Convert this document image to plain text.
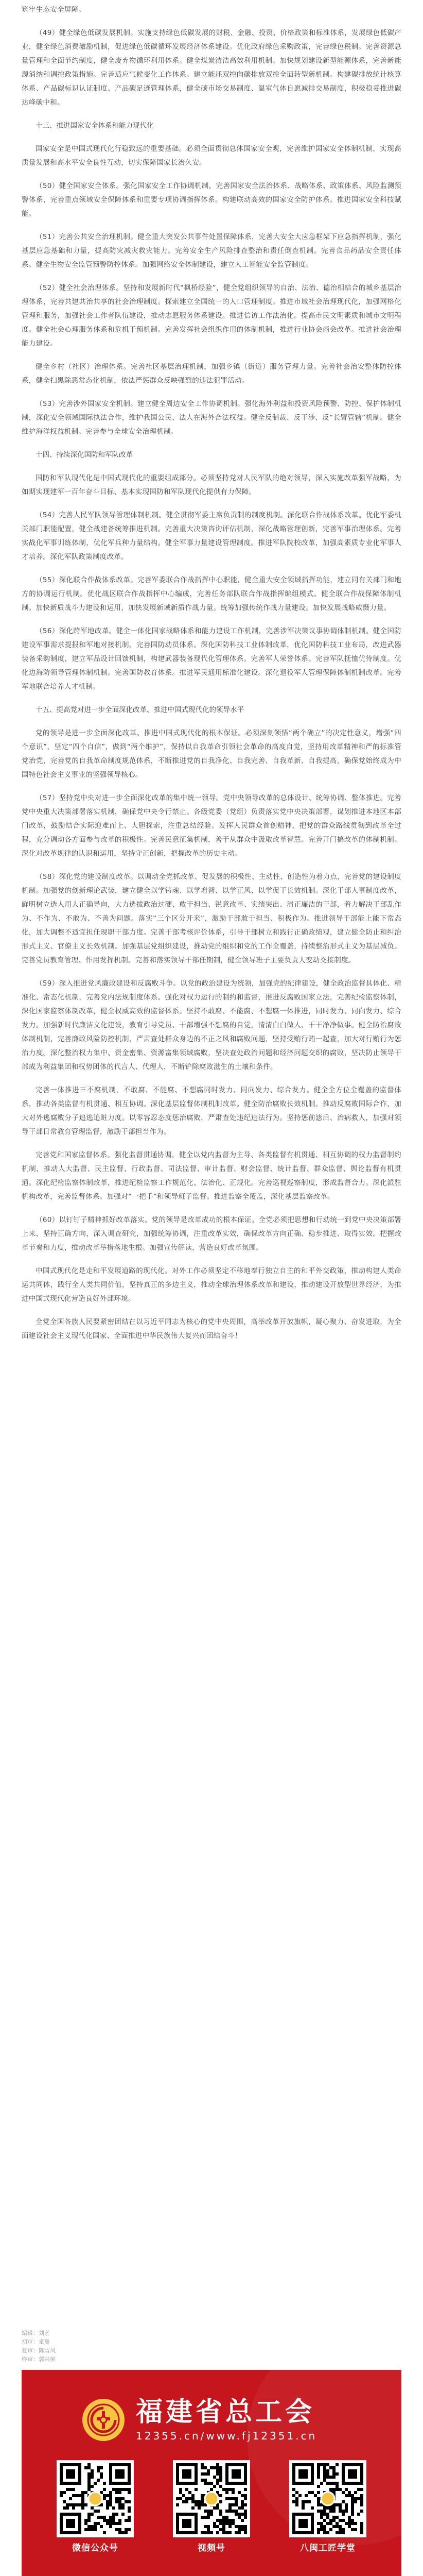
筑牢生态安全屏障。

（49）健全绿色低碳发展机制。实施支持绿色低碳发展的财税、金融、投资、价格政策和标准体系，发展绿色低碳产业，健全绿色消费激励机制，促进绿色低碳循环发展经济体系建设。优化政府绿色采购政策，完善绿色税制。完善资源总量管理和全面节约制度，健全废弃物循环利用体系。健全煤炭清洁高效利用机制。加快规划建设新型能源体系，完善新能源消纳和调控政策措施。完善适应气候变化工作体系。建立能耗双控向碳排放双控全面转型新机制。构建碳排放统计核算体系、产品碳标识认证制度、产品碳足迹管理体系，健全碳市场交易制度、温室气体自愿减排交易制度，积极稳妥推进碳达峰碳中和。

十三、推进国家安全体系和能力现代化

国家安全是中国式现代化行稳致远的重要基础。必须全面贯彻总体国家安全观，完善维护国家安全体制机制，实现高质量发展和高水平安全良性互动，切实保障国家长治久安。

（50）健全国家安全体系。强化国家安全工作协调机制，完善国家安全法治体系、战略体系、政策体系、风险监测预警体系，完善重点领域安全保障体系和重要专项协调指挥体系。构建联动高效的国家安全防护体系。推进国家安全科技赋能。

（51）完善公共安全治理机制。健全重大突发公共事件处置保障体系，完善大安全大应急框架下应急指挥机制，强化基层应急基础和力量，提高防灾减灾救灾能力。完善安全生产风险排查整治和责任倒查机制。完善食品药品安全责任体系。健全生物安全监管预警防控体系。加强网络安全体制建设，建立人工智能安全监管制度。

（52）健全社会治理体系。坚持和发展新时代“枫桥经验”，健全党组织领导的自治、法治、德治相结合的城乡基层治理体系，完善共建共治共享的社会治理制度。探索建立全国统一的人口管理制度。推进市域社会治理现代化，加强网格化管理和服务，加强社会工作者队伍建设，推动志愿服务体系建设。推进信访工作法治化。提高市民文明素质和城市文明程度。健全社会心理服务体系和危机干预机制。完善发挥社会组织作用的体制机制，推进行业协会商会改革。推进社会治理能力建设。

健全乡村（社区）治理体系。完善社区基层治理机制，加强乡镇（街道）服务管理力量。完善社会治安整体防控体系，健全扫黑除恶常态化机制，依法严惩群众反映强烈的违法犯罪活动。

（53）完善涉外国家安全机制。建立健全周边安全工作协调机制。强化海外利益和投资风险预警、防控、保护体制机制，深化安全领域国际执法合作，维护我国公民、法人在海外合法权益。健全反制裁、反干涉、反“长臂管辖”机制。健全维护海洋权益机制。完善参与全球安全治理机制。

十四、持续深化国防和军队改革

国防和军队现代化是中国式现代化的重要组成部分。必须坚持党对人民军队的绝对领导，深入实施改革强军战略，为如期实现建军一百年奋斗目标、基本实现国防和军队现代化提供有力保障。

（54）完善人民军队领导管理体制机制。健全贯彻军委主席负责制的制度机制。深化联合作战体系改革。优化军委机关部门职能配置，健全战建备统筹推进机制。完善重大决策咨询评估机制，深化战略管理创新，完善军事治理体系。完善实战化军事训练体制，优化军兵种力量结构。健全军事力量建设管理制度。推进军队院校改革，加强高素质专业化军事人才培养。深化军队政策制度改革。

（55）深化联合作战体系改革。完善军委联合作战指挥中心职能，健全重大安全领域指挥功能，建立同有关部门和地方的协调运行机制。优化战区联合作战指挥中心编成，完善任务部队联合作战指挥编组模式。健全联合作战保障体制机制。加快新质战斗力建设和运用，加快发展新域新质作战力量。统筹加强传统作战力量建设。加快发展战略威慑力量。

（56）深化跨军地改革。健全一体化国家战略体系和能力建设工作机制，完善涉军决策议事协调体制机制。健全国防建设军事需求提报和军地对接机制。完善国防动员体系。深化国防科技工业体制改革，优化国防科技工业布局，改进武器装备采购制度，建立军品设计回馈机制，构建武器装备现代化管理体系。完善军人荣誉体系。完善军队抚恤优待制度。优化边海防领导管理体制机制。完善国防教育体系。推进军民通用标准化建设。深化退役军人管理保障体制机制改革。完善军地联合培养人才机制。

十五、提高党对进一步全面深化改革、推进中国式现代化的领导水平

党的领导是进一步全面深化改革、推进中国式现代化的根本保证。必须深刻领悟“两个确立”的决定性意义，增强“四个意识”，坚定“四个自信”，做到“两个维护”，保持以自我革命引领社会革命的高度自觉，坚持用改革精神和严的标准管党治党，完善党的自我革命制度规范体系，不断推进党的自我净化、自我完善、自我革新、自我提高，确保党始终成为中国特色社会主义事业的坚强领导核心。

（57）坚持党中央对进一步全面深化改革的集中统一领导。党中央领导改革的总体设计、统筹协调、整体推进。完善党中央重大决策部署落实机制，确保党中央令行禁止。各级党委（党组）负责落实党中央决策部署，谋划推进本地区本部门改革，鼓励结合实际迎难而上、大胆探索，注重总结经验。发挥人民群众首创精神，把党的群众路线贯彻到改革全过程，充分调动各方面参与改革的积极性。完善民意征集机制，善于从群众中汲取改革智慧。完善开门搞改革的体制机制。深化对改革规律的认识和运用，坚持守正创新，把握改革的历史主动。

（58）深化党的建设制度改革。以调动全党抓改革、促发展的积极性、主动性、创造性为着力点，完善党的建设制度机制。加强党的创新理论武装，建立健全以学铸魂、以学增智、以学正风、以学促干长效机制。深化干部人事制度改革，鲜明树立选人用人正确导向，大力选拔政治过硬、敢于担当、锐意改革、实绩突出、清正廉洁的干部，着力解决干部乱作为、不作为、不敢为、不善为问题。落实“三个区分开来”，激励干部敢于担当、积极作为。推进领导干部能上能下常态化，加大调整不适宜担任现职干部力度。完善干部考核评价体系，引导干部树立和践行正确政绩观，建立健全防止和纠治形式主义、官僚主义长效机制。加强基层党组织建设，推动党的组织和党的工作全覆盖，持续整治形式主义为基层减负。完善党员教育管理、作用发挥机制。完善和落实领导干部任期制，健全领导班子主要负责人变动交接制度。

（59）深入推进党风廉政建设和反腐败斗争。以党的政治建设为统领，加强党的纪律建设，健全政治监督具体化、精准化、常态化机制，完善党内法规制度体系。强化对权力运行的制约和监督，推进反腐败国家立法，完善纪检监察体制，深化国家监察体制改革，健全权威高效的监督体系。坚持不敢腐、不能腐、不想腐一体推进，同时发力、同向发力、综合发力。加强新时代廉洁文化建设，教育引导党员、干部增强不想腐的自觉，清清白白做人、干干净净做事。健全防治腐败体制机制，完善廉政风险防控机制，严肃查处群众身边的不正之风和腐败问题，坚持受贿行贿一起查，加大对行贿行为惩治力度。深化整治权力集中、资金密集、资源富集领域腐败，坚决查处政治问题和经济问题交织的腐败，坚决防止领导干部成为利益集团和权势团体的代言人、代理人，不断铲除腐败滋生的土壤和条件。

完善一体推进三不腐机制，不敢腐、不能腐、不想腐同时发力、同向发力、综合发力。健全全方位全覆盖的监督体系，推动各类监督有机贯通、相互协调。深化基层监督体制机制改革。健全防治腐败长效机制。推动反腐败国际合作，加大对外逃腐败分子追逃追赃力度。以零容忍态度惩治腐败，严肃查处违纪违法行为。坚持惩前毖后、治病救人，加强对领导干部日常教育管理监督，激励干部担当作为。

完善党和国家监督体系。强化监督贯通协调，健全以党内监督为主导、各类监督有机贯通、相互协调的权力监督制约机制，推动人大监督、民主监督、行政监督、司法监督、审计监督、财会监督、统计监督、群众监督、舆论监督有机贯通。深化纪检监察体制改革，推进纪检监察工作规范化、法治化、正规化。完善巡视巡察制度，形成监督合力。深化派驻机构改革，完善监督体系。加强对“一把手”和领导班子监督。推进监察全覆盖，深化基层监察改革。

（60）以钉钉子精神抓好改革落实。党的领导是改革成功的根本保证。全党必须把思想和行动统一到党中央决策部署上来，坚持正确方向，深入调查研究，加强统筹协调，注重改革实效，确保改革方向正确、稳步推进、取得实效。把握改革节奏和力度，推动改革举措落地生根。加强宣传解读，营造良好改革氛围。

中国式现代化是走和平发展道路的现代化。对外工作必须坚定不移地奉行独立自主的和平外交政策，推动构建人类命运共同体，践行全人类共同价值，坚持真正的多边主义，推动全球治理体系改革和建设，推动建设开放型世界经济，为推进中国式现代化营造良好外部环境。

全党全国各族人民要紧密团结在以习近平同志为核心的党中央周围，高举改革开放旗帜，凝心聚力、奋发进取，为全面建设社会主义现代化国家、全面推进中华民族伟大复兴而团结奋斗！

编辑：刘艺
初审：童蔓
复审：陈雪风
终审：郭兴荣
福建省总工会
12355.cn/www.fj12351.cn
微信公众号	视频号	八闽工匠学堂
